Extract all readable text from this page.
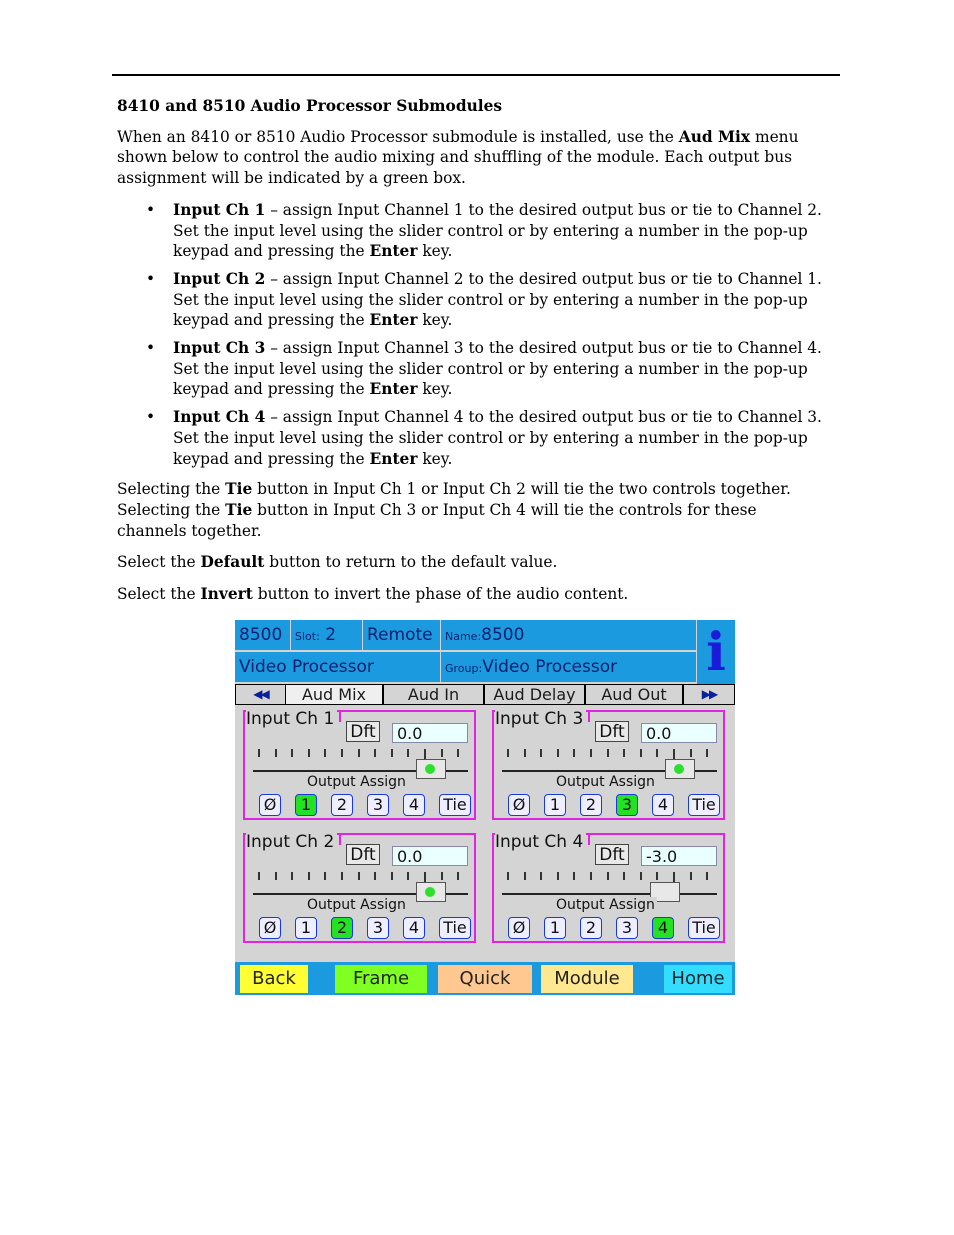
8410 and 8510 Audio Processor Submodules

When an 8410 or 8510 Audio Processor submodule is installed, use the Aud Mix menu shown below to control the audio mixing and shuffling of the module. Each output bus assignment will be indicated by a green box.

• Input Ch 1 – assign Input Channel 1 to the desired output bus or tie to Channel 2. Set the input level using the slider control or by entering a number in the pop-up keypad and pressing the Enter key.
• Input Ch 2 – assign Input Channel 2 to the desired output bus or tie to Channel 1. Set the input level using the slider control or by entering a number in the pop-up keypad and pressing the Enter key.
• Input Ch 3 – assign Input Channel 3 to the desired output bus or tie to Channel 4. Set the input level using the slider control or by entering a number in the pop-up keypad and pressing the Enter key.
• Input Ch 4 – assign Input Channel 4 to the desired output bus or tie to Channel 3. Set the input level using the slider control or by entering a number in the pop-up keypad and pressing the Enter key.

Selecting the Tie button in Input Ch 1 or Input Ch 2 will tie the two controls together. Selecting the Tie button in Input Ch 3 or Input Ch 4 will tie the controls for these channels together.

Select the Default button to return to the default value.

Select the Invert button to invert the phase of the audio content.

8500	Slot: 2	Remote	Name:8500
Video Processor	Group:Video Processor	i
◀◀	Aud Mix	Aud In	Aud Delay	Aud Out	▶▶
Input Ch 1
Dft	0.0
Output Assign
Ø	1	2	3	4	Tie
Input Ch 3
Dft	0.0
Output Assign
Ø	1	2	3	4	Tie
Input Ch 2
Dft	0.0
Output Assign
Ø	1	2	3	4	Tie
Input Ch 4
Dft	-3.0
Output Assign
Ø	1	2	3	4	Tie
Back	Frame	Quick	Module	Home
